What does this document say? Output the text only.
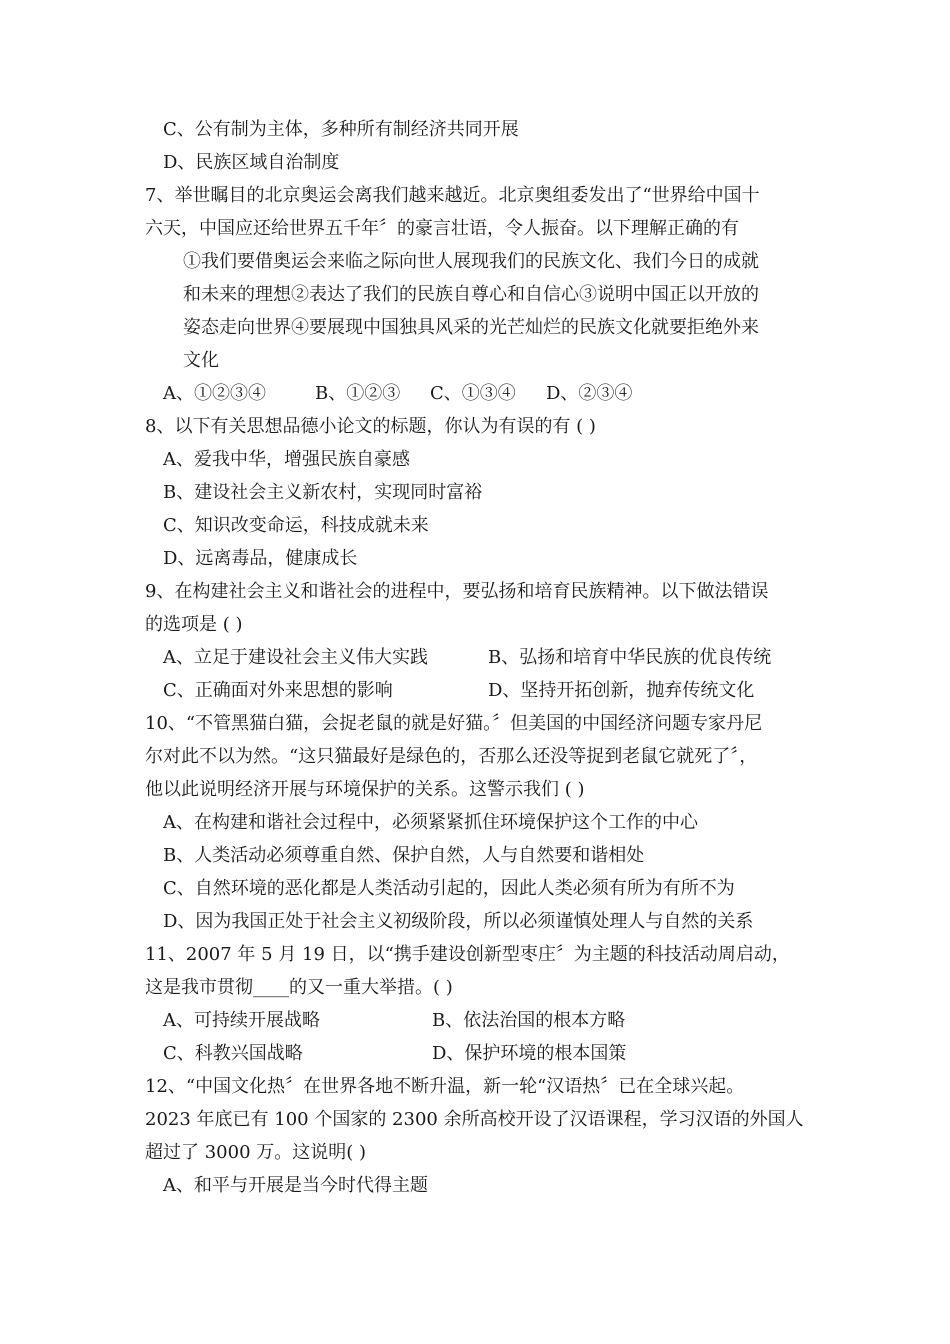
C、公有制为主体，多种所有制经济共同开展
D、民族区域自治制度
7、举世瞩目的北京奥运会离我们越来越近。北京奥组委发出了“世界给中国十
六天，中国应还给世界五千年〞的豪言壮语，令人振奋。以下理解正确的有
①我们要借奥运会来临之际向世人展现我们的民族文化、我们今日的成就
和未来的理想②表达了我们的民族自尊心和自信心③说明中国正以开放的
姿态走向世界④要展现中国独具风采的光芒灿烂的民族文化就要拒绝外来
文化
A、①②③④	B、①②③ C、①③④ D、②③④
8、以下有关思想品德小论文的标题，你认为有误的有 ( )
A、爱我中华，增强民族自豪感
B、建设社会主义新农村，实现同时富裕
C、知识改变命运，科技成就未来
D、远离毒品，健康成长
9、在构建社会主义和谐社会的进程中，要弘扬和培育民族精神。以下做法错误
的选项是 ( )
A、立足于建设社会主义伟大实践	B、弘扬和培育中华民族的优良传统
C、正确面对外来思想的影响	D、坚持开拓创新，抛弃传统文化
10、“不管黑猫白猫，会捉老鼠的就是好猫。〞但美国的中国经济问题专家丹尼
尔对此不以为然。“这只猫最好是绿色的，否那么还没等捉到老鼠它就死了〞，
他以此说明经济开展与环境保护的关系。这警示我们 ( )
A、在构建和谐社会过程中，必须紧紧抓住环境保护这个工作的中心
B、人类活动必须尊重自然、保护自然，人与自然要和谐相处
C、自然环境的恶化都是人类活动引起的，因此人类必须有所为有所不为
D、因为我国正处于社会主义初级阶段，所以必须谨慎处理人与自然的关系
11、2007 年 5 月 19 日，以“携手建设创新型枣庄〞为主题的科技活动周启动，
这是我市贯彻____的又一重大举措。( )
A、可持续开展战略	B、依法治国的根本方略
C、科教兴国战略	D、保护环境的根本国策
12、“中国文化热〞在世界各地不断升温，新一轮“汉语热〞已在全球兴起。
2023 年底已有 100 个国家的 2300 余所高校开设了汉语课程，学习汉语的外国人
超过了 3000 万。这说明( )
A、和平与开展是当今时代得主题
